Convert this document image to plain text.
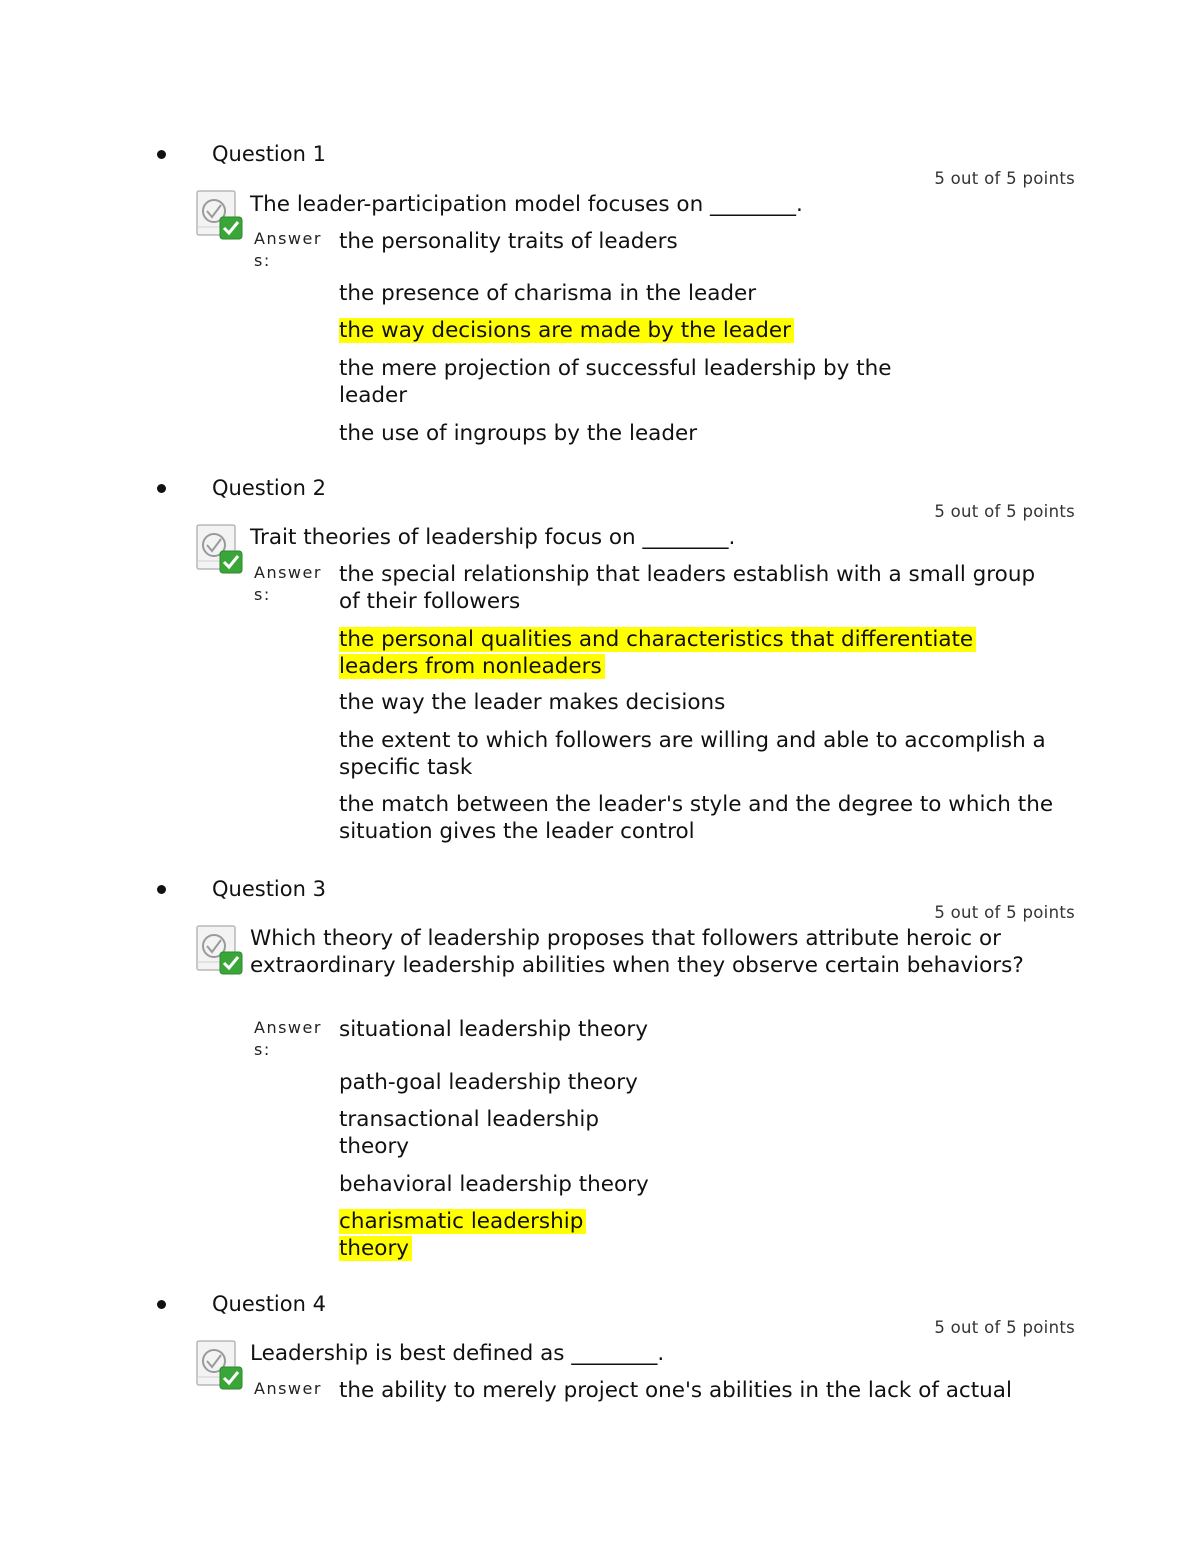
Question 1
5 out of 5 points
The leader-participation model focuses on ________.
Answers:
the personality traits of leaders
the presence of charisma in the leader
the way decisions are made by the leader
the mere projection of successful leadership by the leader
the use of ingroups by the leader
Question 2
5 out of 5 points
Trait theories of leadership focus on ________.
Answers:
the special relationship that leaders establish with a small group of their followers
the personal qualities and characteristics that differentiate leaders from nonleaders
the way the leader makes decisions
the extent to which followers are willing and able to accomplish a specific task
the match between the leader's style and the degree to which the situation gives the leader control
Question 3
5 out of 5 points
Which theory of leadership proposes that followers attribute heroic or extraordinary leadership abilities when they observe certain behaviors?
Answers:
situational leadership theory
path-goal leadership theory
transactional leadership theory
behavioral leadership theory
charismatic leadership theory
Question 4
5 out of 5 points
Leadership is best defined as ________.
Answer the ability to merely project one's abilities in the lack of actual
